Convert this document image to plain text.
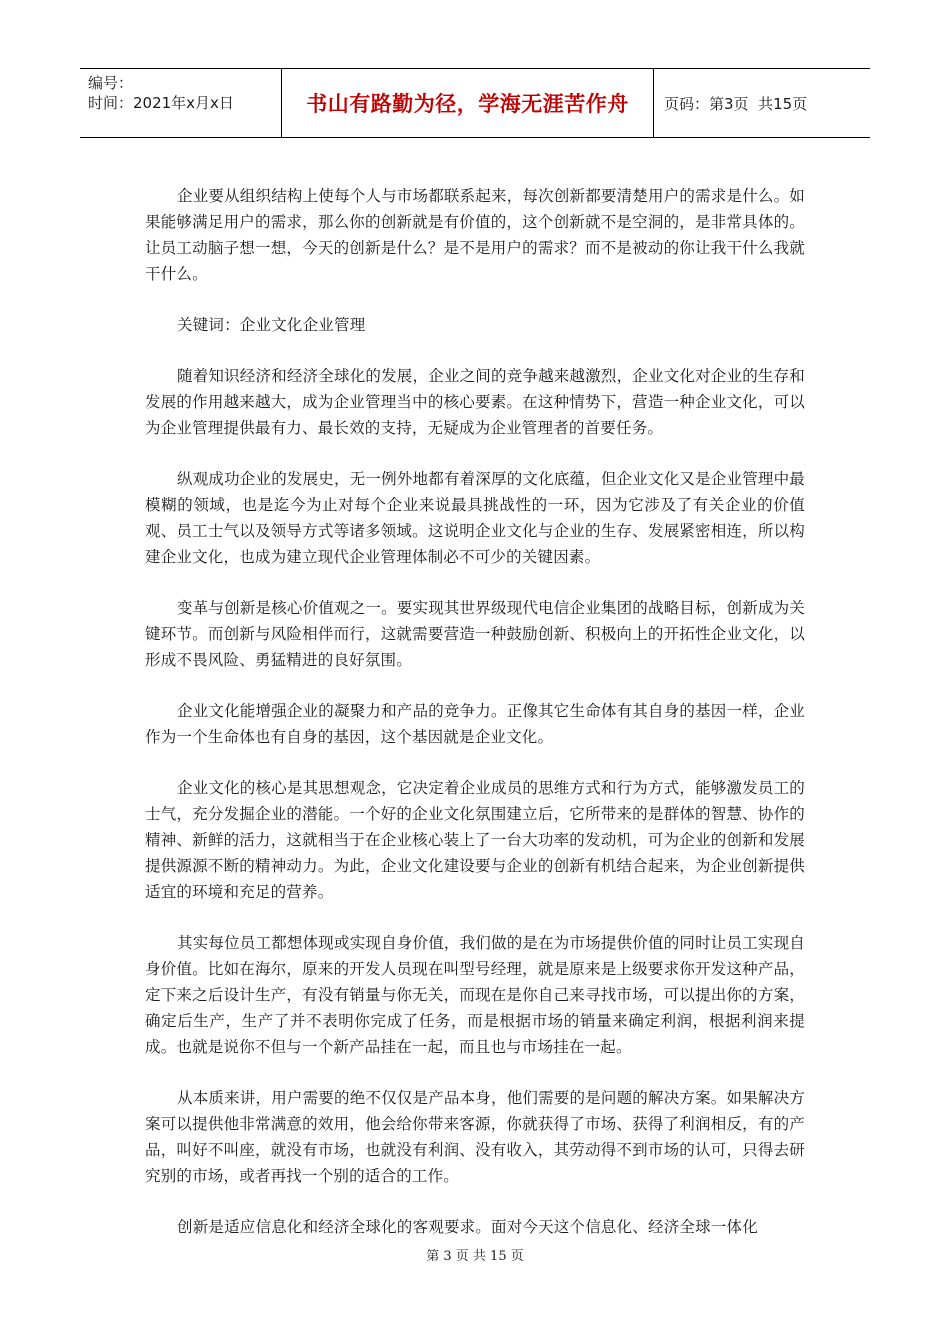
编号：
时间：2021年x月x日	书山有路勤为径，学海无涯苦作舟	页码：第3页  共15页

企业要从组织结构上使每个人与市场都联系起来，每次创新都要清楚用户的需求是什么。如果能够满足用户的需求，那么你的创新就是有价值的，这个创新就不是空洞的，是非常具体的。让员工动脑子想一想，今天的创新是什么？是不是用户的需求？而不是被动的你让我干什么我就干什么。

关键词：企业文化企业管理

随着知识经济和经济全球化的发展，企业之间的竞争越来越激烈，企业文化对企业的生存和发展的作用越来越大，成为企业管理当中的核心要素。在这种情势下，营造一种企业文化，可以为企业管理提供最有力、最长效的支持，无疑成为企业管理者的首要任务。

纵观成功企业的发展史，无一例外地都有着深厚的文化底蕴，但企业文化又是企业管理中最模糊的领域，也是迄今为止对每个企业来说最具挑战性的一环，因为它涉及了有关企业的价值观、员工士气以及领导方式等诸多领域。这说明企业文化与企业的生存、发展紧密相连，所以构建企业文化，也成为建立现代企业管理体制必不可少的关键因素。

变革与创新是核心价值观之一。要实现其世界级现代电信企业集团的战略目标，创新成为关键环节。而创新与风险相伴而行，这就需要营造一种鼓励创新、积极向上的开拓性企业文化，以形成不畏风险、勇猛精进的良好氛围。

企业文化能增强企业的凝聚力和产品的竞争力。正像其它生命体有其自身的基因一样，企业作为一个生命体也有自身的基因，这个基因就是企业文化。

企业文化的核心是其思想观念，它决定着企业成员的思维方式和行为方式，能够激发员工的士气，充分发掘企业的潜能。一个好的企业文化氛围建立后，它所带来的是群体的智慧、协作的精神、新鲜的活力，这就相当于在企业核心装上了一台大功率的发动机，可为企业的创新和发展提供源源不断的精神动力。为此，企业文化建设要与企业的创新有机结合起来，为企业创新提供适宜的环境和充足的营养。

其实每位员工都想体现或实现自身价值，我们做的是在为市场提供价值的同时让员工实现自身价值。比如在海尔，原来的开发人员现在叫型号经理，就是原来是上级要求你开发这种产品，定下来之后设计生产，有没有销量与你无关，而现在是你自己来寻找市场，可以提出你的方案，确定后生产，生产了并不表明你完成了任务，而是根据市场的销量来确定利润，根据利润来提成。也就是说你不但与一个新产品挂在一起，而且也与市场挂在一起。

从本质来讲，用户需要的绝不仅仅是产品本身，他们需要的是问题的解决方案。如果解决方案可以提供他非常满意的效用，他会给你带来客源，你就获得了市场、获得了利润相反，有的产品，叫好不叫座，就没有市场，也就没有利润、没有收入，其劳动得不到市场的认可，只得去研究别的市场，或者再找一个别的适合的工作。

创新是适应信息化和经济全球化的客观要求。面对今天这个信息化、经济全球一体化

第 3 页 共 15 页
